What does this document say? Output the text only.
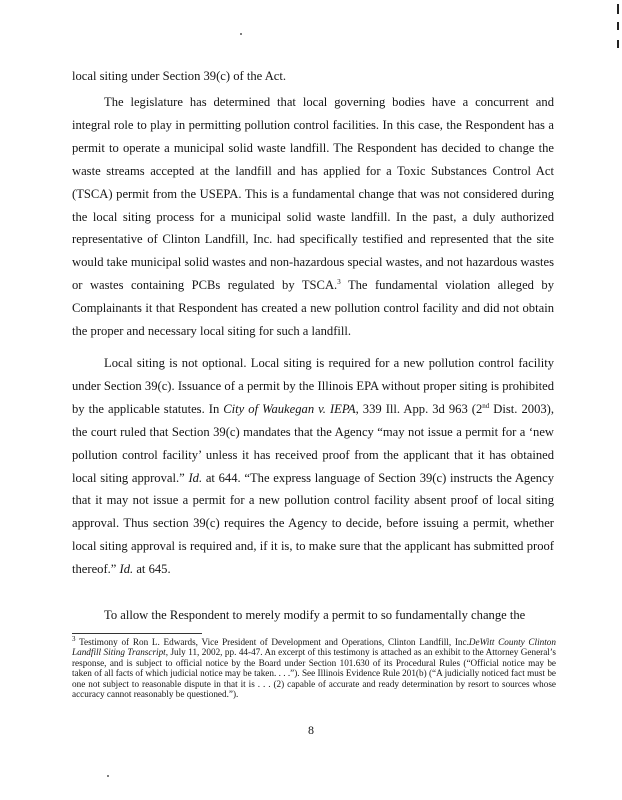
local siting under Section 39(c) of the Act.

The legislature has determined that local governing bodies have a concurrent and integral role to play in permitting pollution control facilities. In this case, the Respondent has a permit to operate a municipal solid waste landfill. The Respondent has decided to change the waste streams accepted at the landfill and has applied for a Toxic Substances Control Act (TSCA) permit from the USEPA. This is a fundamental change that was not considered during the local siting process for a municipal solid waste landfill. In the past, a duly authorized representative of Clinton Landfill, Inc. had specifically testified and represented that the site would take municipal solid wastes and non-hazardous special wastes, and not hazardous wastes or wastes containing PCBs regulated by TSCA.$^3$ The fundamental violation alleged by Complainants it that Respondent has created a new pollution control facility and did not obtain the proper and necessary local siting for such a landfill.

Local siting is not optional. Local siting is required for a new pollution control facility under Section 39(c). Issuance of a permit by the Illinois EPA without proper siting is prohibited by the applicable statutes. In City of Waukegan v. IEPA, 339 Ill. App. 3d 963 (2nd Dist. 2003), the court ruled that Section 39(c) mandates that the Agency “may not issue a permit for a ‘new pollution control facility’ unless it has received proof from the applicant that it has obtained local siting approval.” Id. at 644. “The express language of Section 39(c) instructs the Agency that it may not issue a permit for a new pollution control facility absent proof of local siting approval. Thus section 39(c) requires the Agency to decide, before issuing a permit, whether local siting approval is required and, if it is, to make sure that the applicant has submitted proof thereof.” Id. at 645.

To allow the Respondent to merely modify a permit to so fundamentally change the

$^3$ Testimony of Ron L. Edwards, Vice President of Development and Operations, Clinton Landfill, Inc.DeWitt County Clinton Landfill Siting Transcript, July 11, 2002, pp. 44-47. An excerpt of this testimony is attached as an exhibit to the Attorney General’s response, and is subject to official notice by the Board under Section 101.630 of its Procedural Rules (“Official notice may be taken of all facts of which judicial notice may be taken. . . .”). See Illinois Evidence Rule 201(b) (“A judicially noticed fact must be one not subject to reasonable dispute in that it is . . . (2) capable of accurate and ready determination by resort to sources whose accuracy cannot reasonably be questioned.”).
8
